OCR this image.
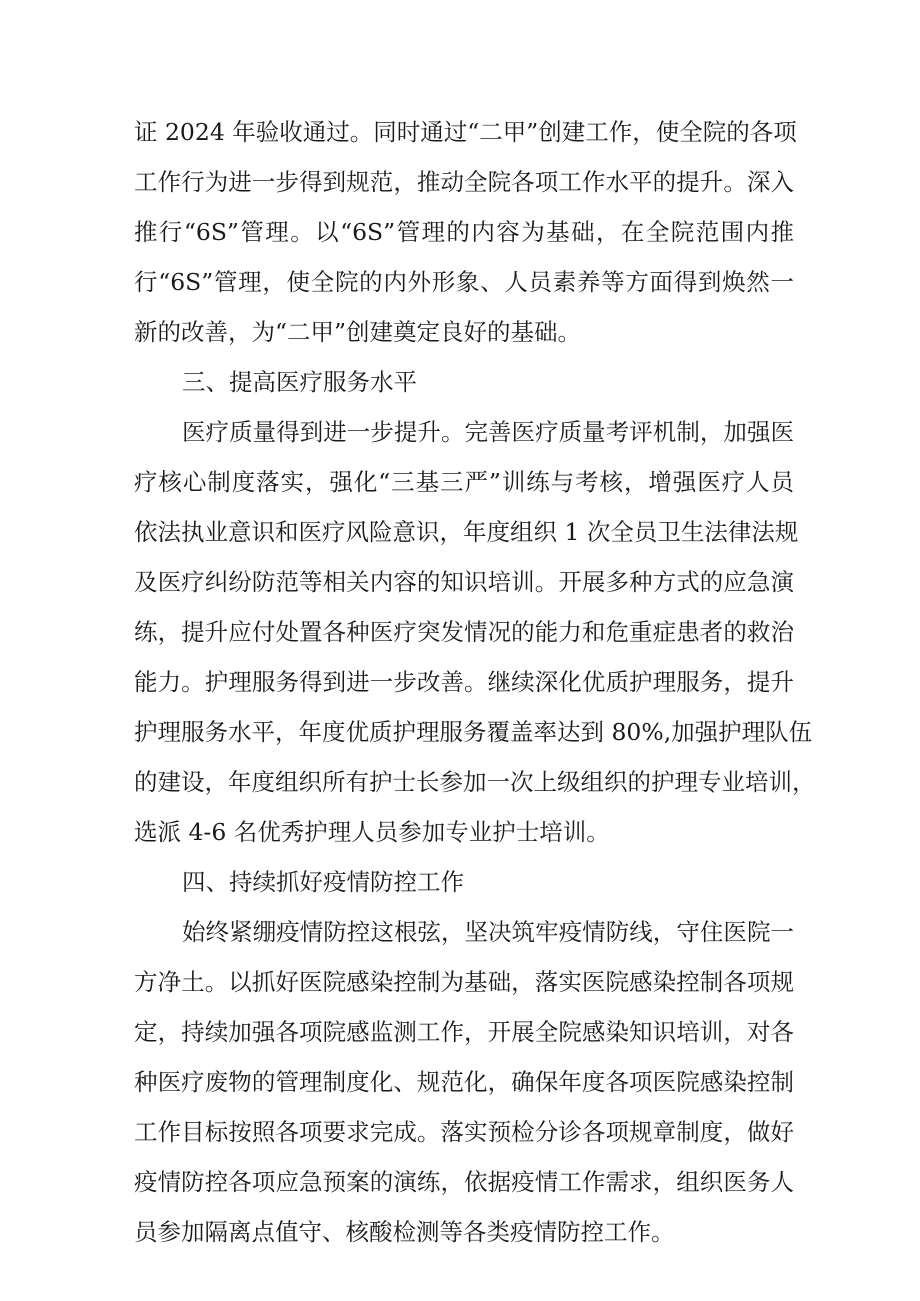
证 2024 年验收通过。同时通过“二甲”创建工作，使全院的各项
工作行为进一步得到规范，推动全院各项工作水平的提升。深入
推行“6S”管理。以“6S”管理的内容为基础，在全院范围内推
行“6S”管理，使全院的内外形象、人员素养等方面得到焕然一
新的改善，为“二甲”创建奠定良好的基础。
三、提高医疗服务水平
医疗质量得到进一步提升。完善医疗质量考评机制，加强医
疗核心制度落实，强化“三基三严”训练与考核，增强医疗人员
依法执业意识和医疗风险意识，年度组织 1 次全员卫生法律法规
及医疗纠纷防范等相关内容的知识培训。开展多种方式的应急演
练，提升应付处置各种医疗突发情况的能力和危重症患者的救治
能力。护理服务得到进一步改善。继续深化优质护理服务，提升
护理服务水平，年度优质护理服务覆盖率达到 80%,加强护理队伍
的建设，年度组织所有护士长参加一次上级组织的护理专业培训，
选派 4-6 名优秀护理人员参加专业护士培训。
四、持续抓好疫情防控工作
始终紧绷疫情防控这根弦，坚决筑牢疫情防线，守住医院一
方净土。以抓好医院感染控制为基础，落实医院感染控制各项规
定，持续加强各项院感监测工作，开展全院感染知识培训，对各
种医疗废物的管理制度化、规范化，确保年度各项医院感染控制
工作目标按照各项要求完成。落实预检分诊各项规章制度，做好
疫情防控各项应急预案的演练，依据疫情工作需求，组织医务人
员参加隔离点值守、核酸检测等各类疫情防控工作。
